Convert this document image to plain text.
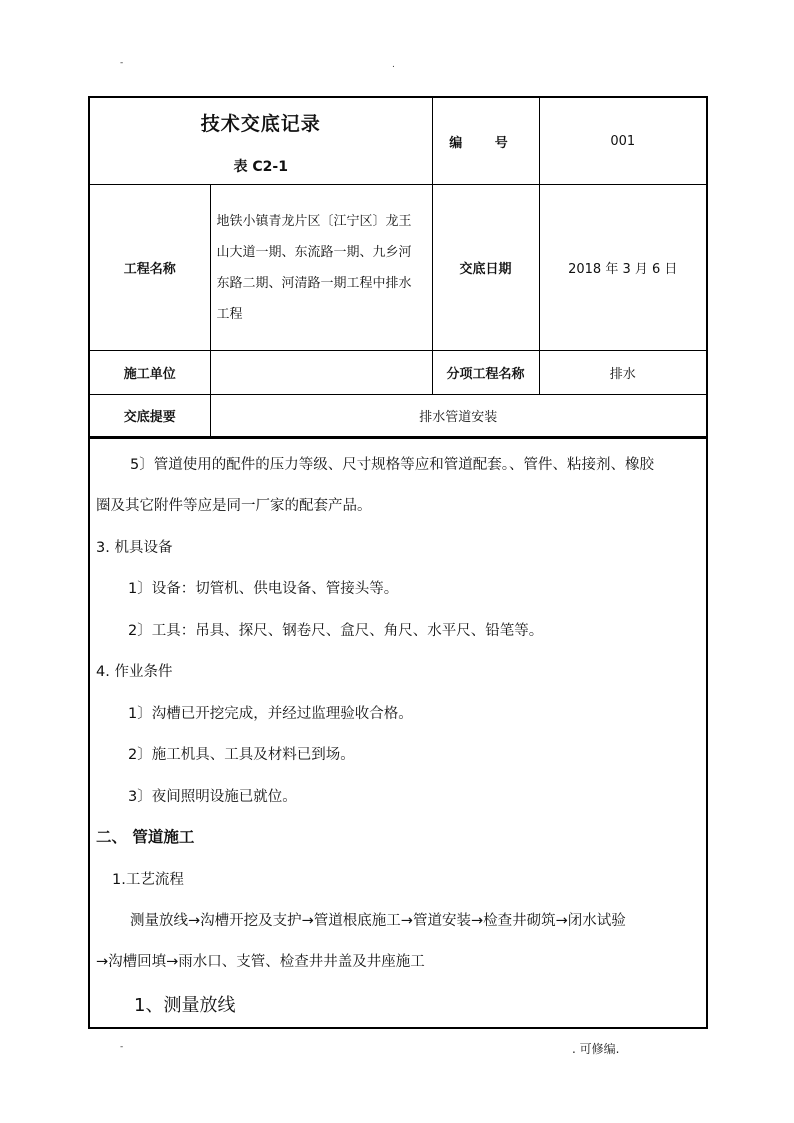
-	.
技术交底记录
表 C2-1		编 号	001
工程名称	地铁小镇青龙片区〔江宁区〕龙王
山大道一期、东流路一期、九乡河
东路二期、河清路一期工程中排水
工程	交底日期	2018 年 3 月 6 日
施工单位		分项工程名称	排水
交底提要	排水管道安装		
5〕管道使用的配件的压力等级、尺寸规格等应和管道配套。、管件、粘接剂、橡胶
圈及其它附件等应是同一厂家的配套产品。
3. 机具设备
1〕设备：切管机、供电设备、管接头等。
2〕工具：吊具、探尺、钢卷尺、盒尺、角尺、水平尺、铅笔等。
4. 作业条件
1〕沟槽已开挖完成，并经过监理验收合格。
2〕施工机具、工具及材料已到场。
3〕夜间照明设施已就位。
二、 管道施工
1.工艺流程
测量放线→沟槽开挖及支护→管道根底施工→管道安装→检查井砌筑→闭水试验
→沟槽回填→雨水口、支管、检查井井盖及井座施工
1、测量放线
-	. 可修编.
